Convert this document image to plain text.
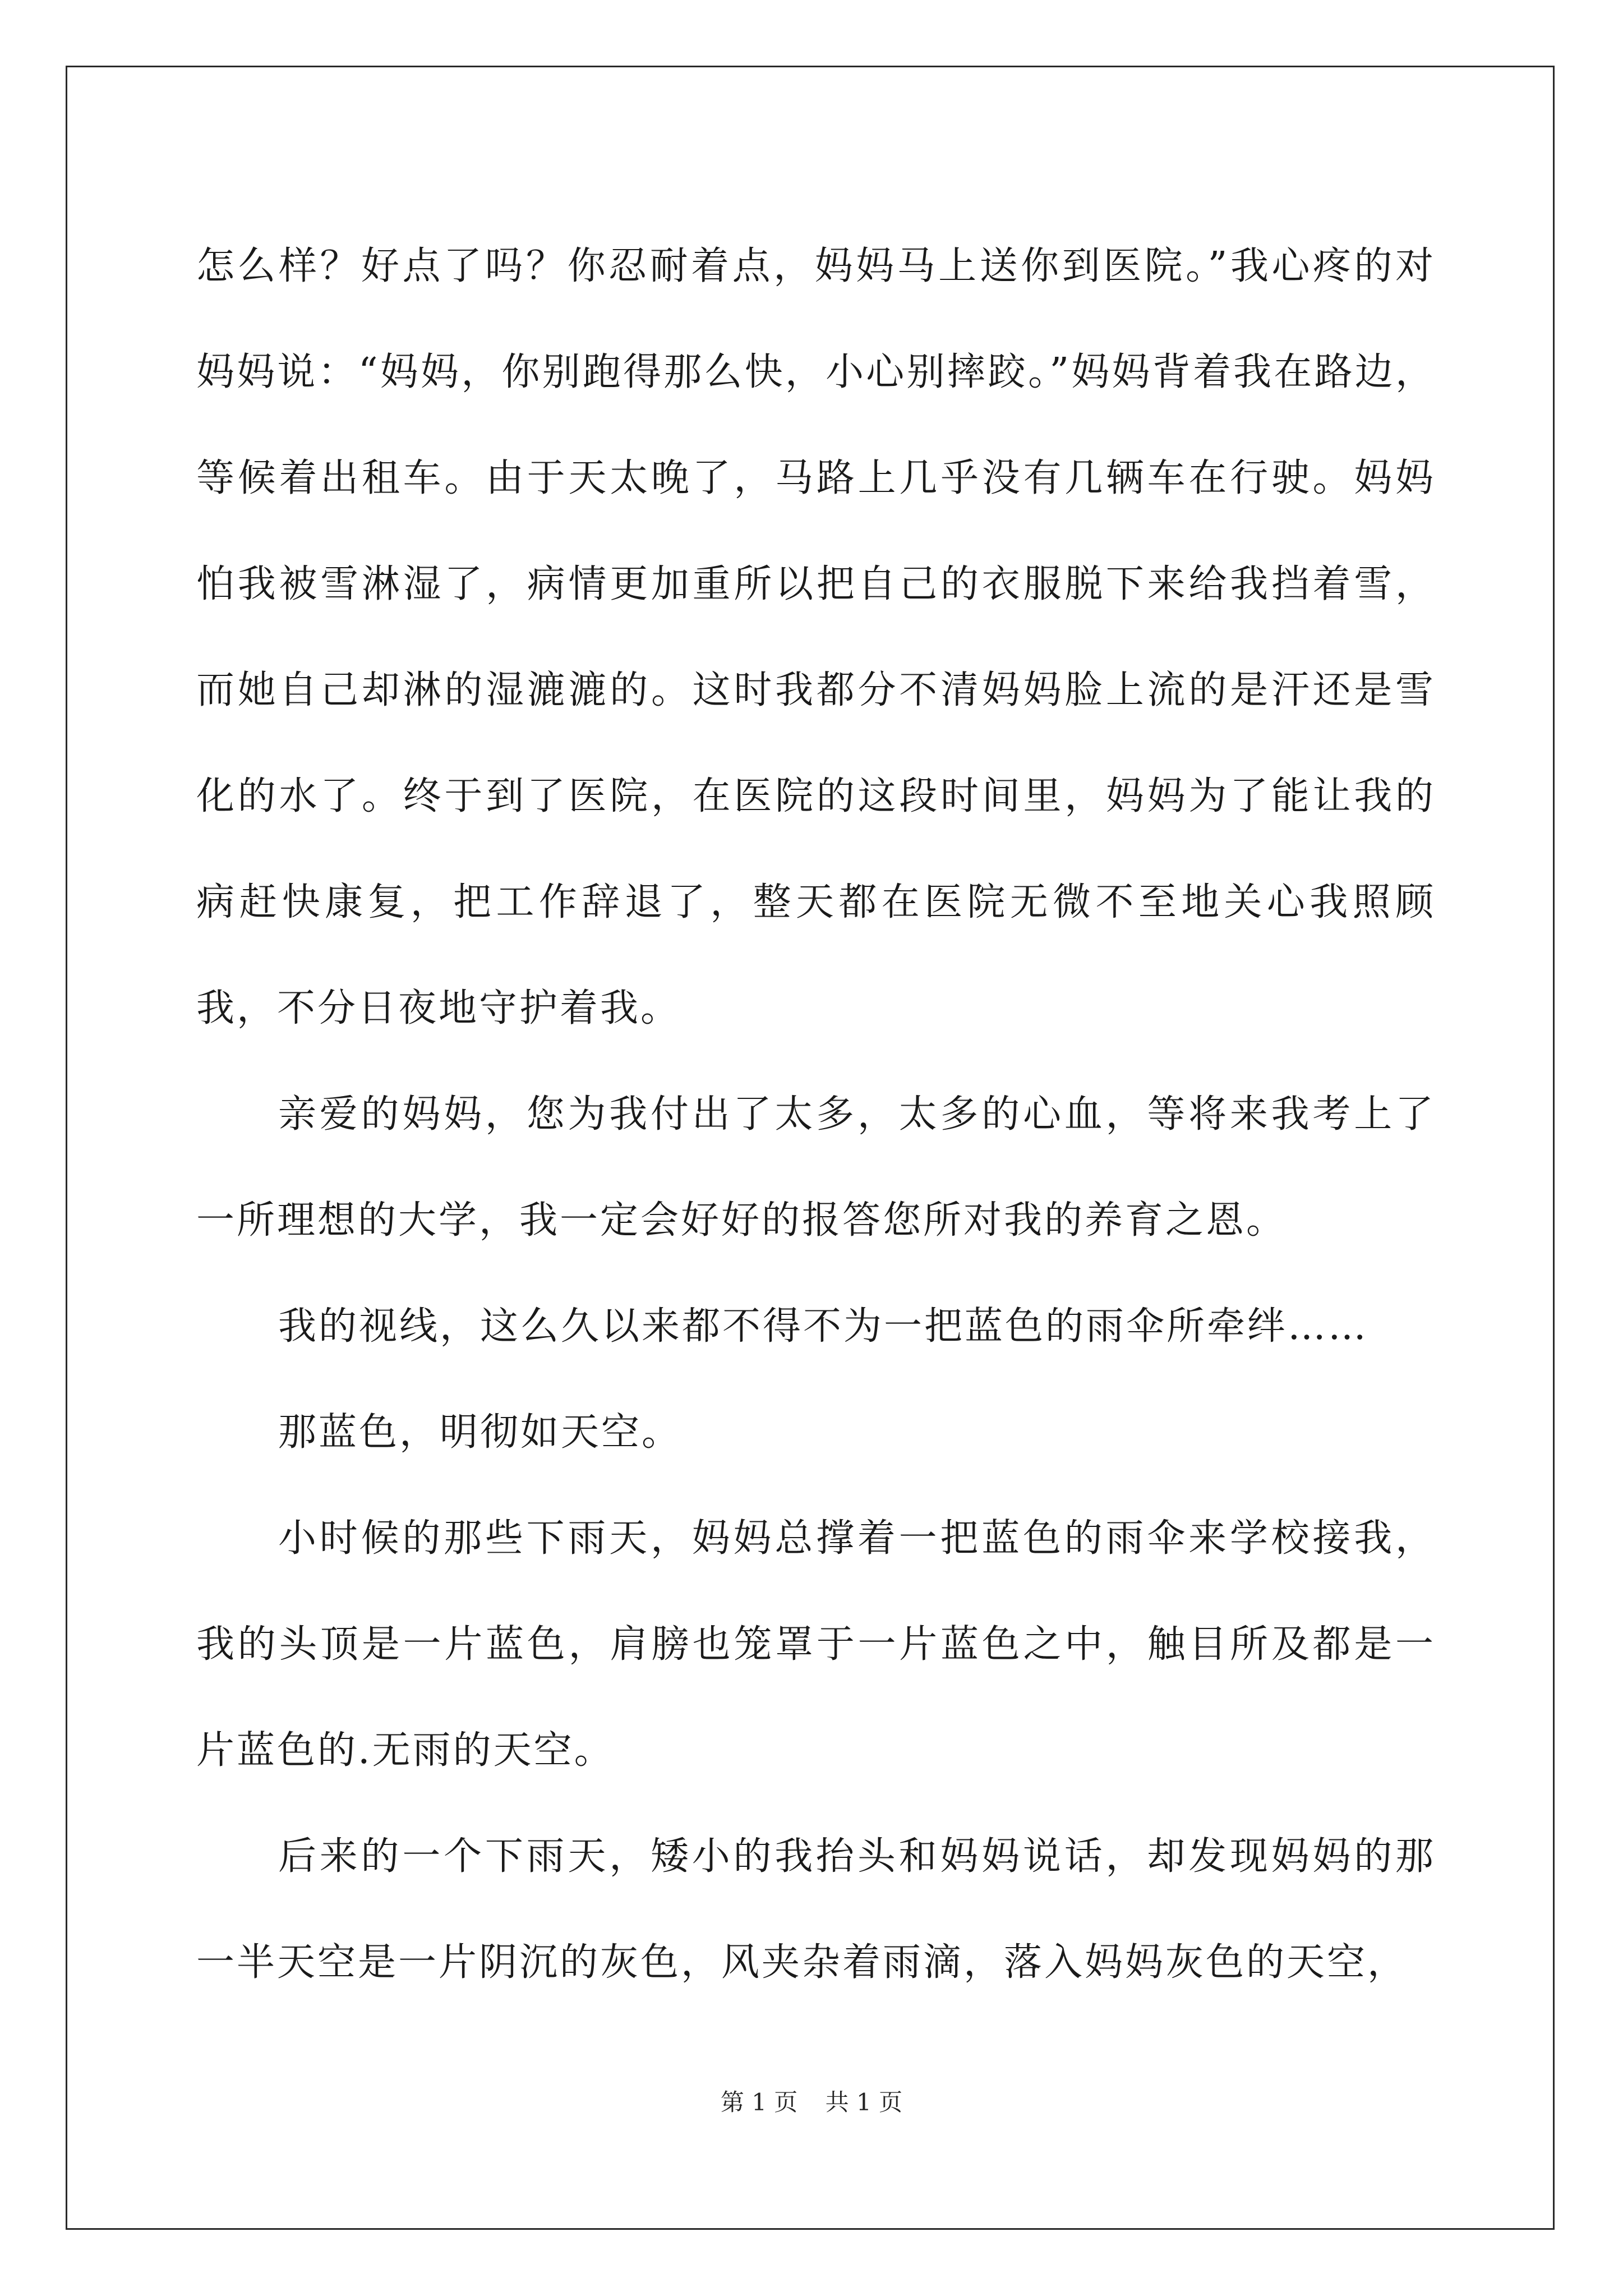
怎么样？好点了吗？你忍耐着点，妈妈马上送你到医院。”我心疼的对妈妈说：“妈妈，你别跑得那么快，小心别摔跤。”妈妈背着我在路边，等候着出租车。由于天太晚了，马路上几乎没有几辆车在行驶。妈妈怕我被雪淋湿了，病情更加重所以把自己的衣服脱下来给我挡着雪，而她自己却淋的湿漉漉的。这时我都分不清妈妈脸上流的是汗还是雪化的水了。终于到了医院，在医院的这段时间里，妈妈为了能让我的病赶快康复，把工作辞退了，整天都在医院无微不至地关心我照顾我，不分日夜地守护着我。

亲爱的妈妈，您为我付出了太多，太多的心血，等将来我考上了一所理想的大学，我一定会好好的报答您所对我的养育之恩。

我的视线，这么久以来都不得不为一把蓝色的雨伞所牵绊……

那蓝色，明彻如天空。

小时候的那些下雨天，妈妈总撑着一把蓝色的雨伞来学校接我，我的头顶是一片蓝色，肩膀也笼罩于一片蓝色之中，触目所及都是一片蓝色的.无雨的天空。

后来的一个下雨天，矮小的我抬头和妈妈说话，却发现妈妈的那一半天空是一片阴沉的灰色，风夹杂着雨滴，落入妈妈灰色的天空，

第 1 页 共 1 页
